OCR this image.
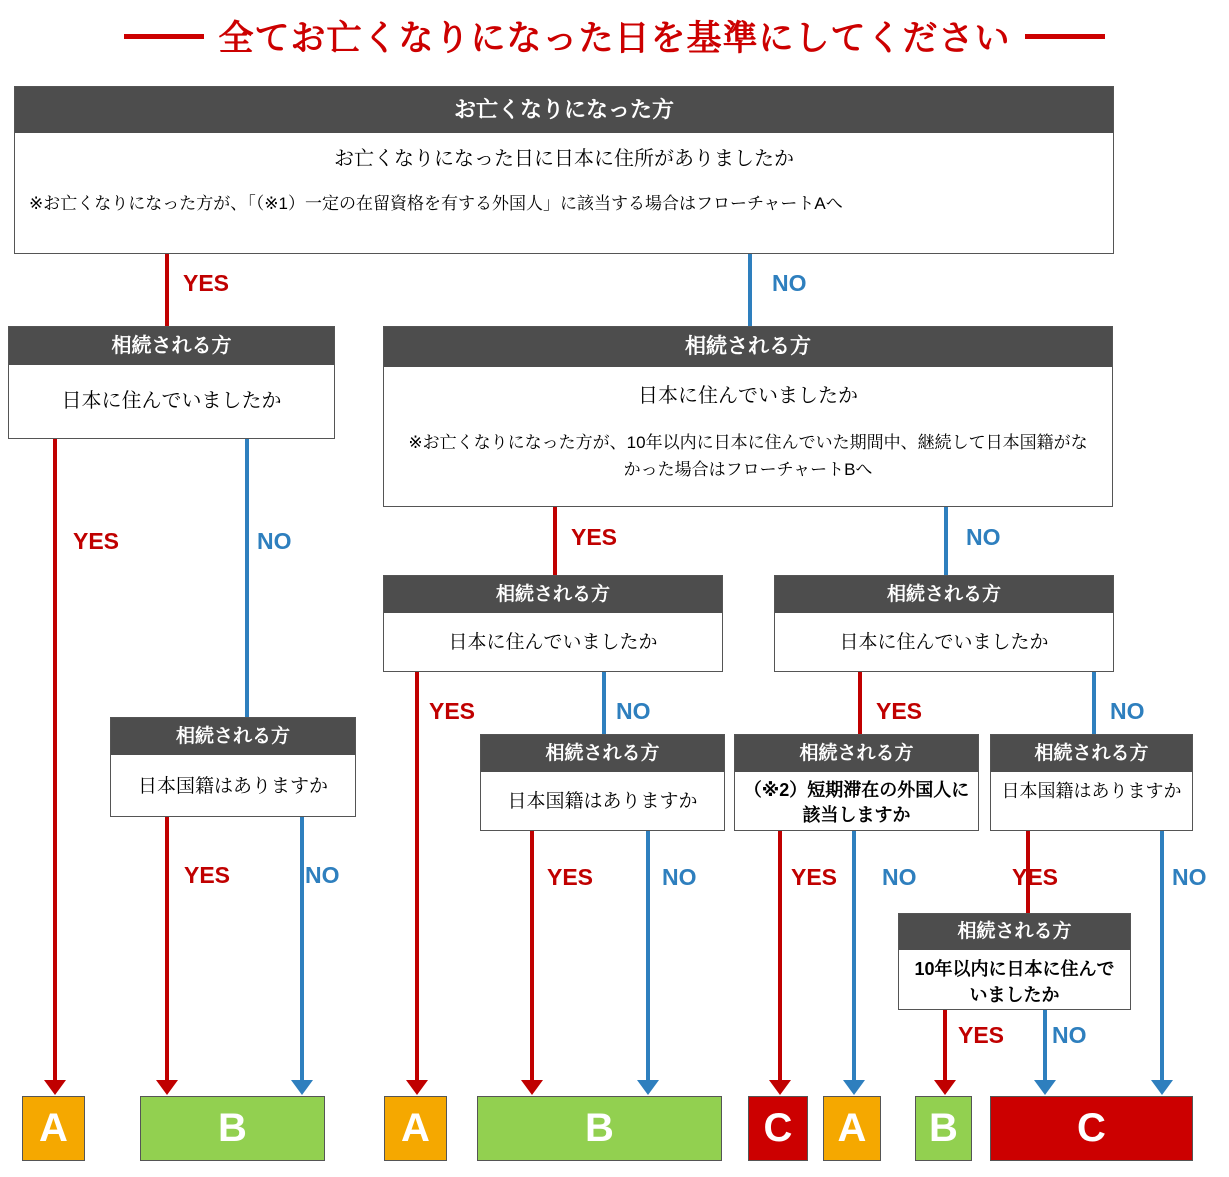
全てお亡くなりになった日を基準にしてください
お亡くなりになった方
お亡くなりになった日に日本に住所がありましたか
※お亡くなりになった方が、「（※1）一定の在留資格を有する外国人」に該当する場合はフローチャートAへ
YES	NO
相続される方
日本に住んでいましたか
YES	NO
相続される方
日本国籍はありますか
YES	NO
相続される方
日本に住んでいましたか
※お亡くなりになった方が、10年以内に日本に住んでいた期間中、継続して日本国籍がなかった場合はフローチャートBへ
YES	NO
相続される方
日本に住んでいましたか
YES	NO
相続される方
日本国籍はありますか
YES	NO
相続される方
日本に住んでいましたか
YES	NO
相続される方
（※2）短期滞在の外国人に該当しますか
YES NO
相続される方
日本国籍はありますか
YES	NO
相続される方
10年以内に日本に住んでいましたか
YES NO
A	B	A	B	C A B	C
